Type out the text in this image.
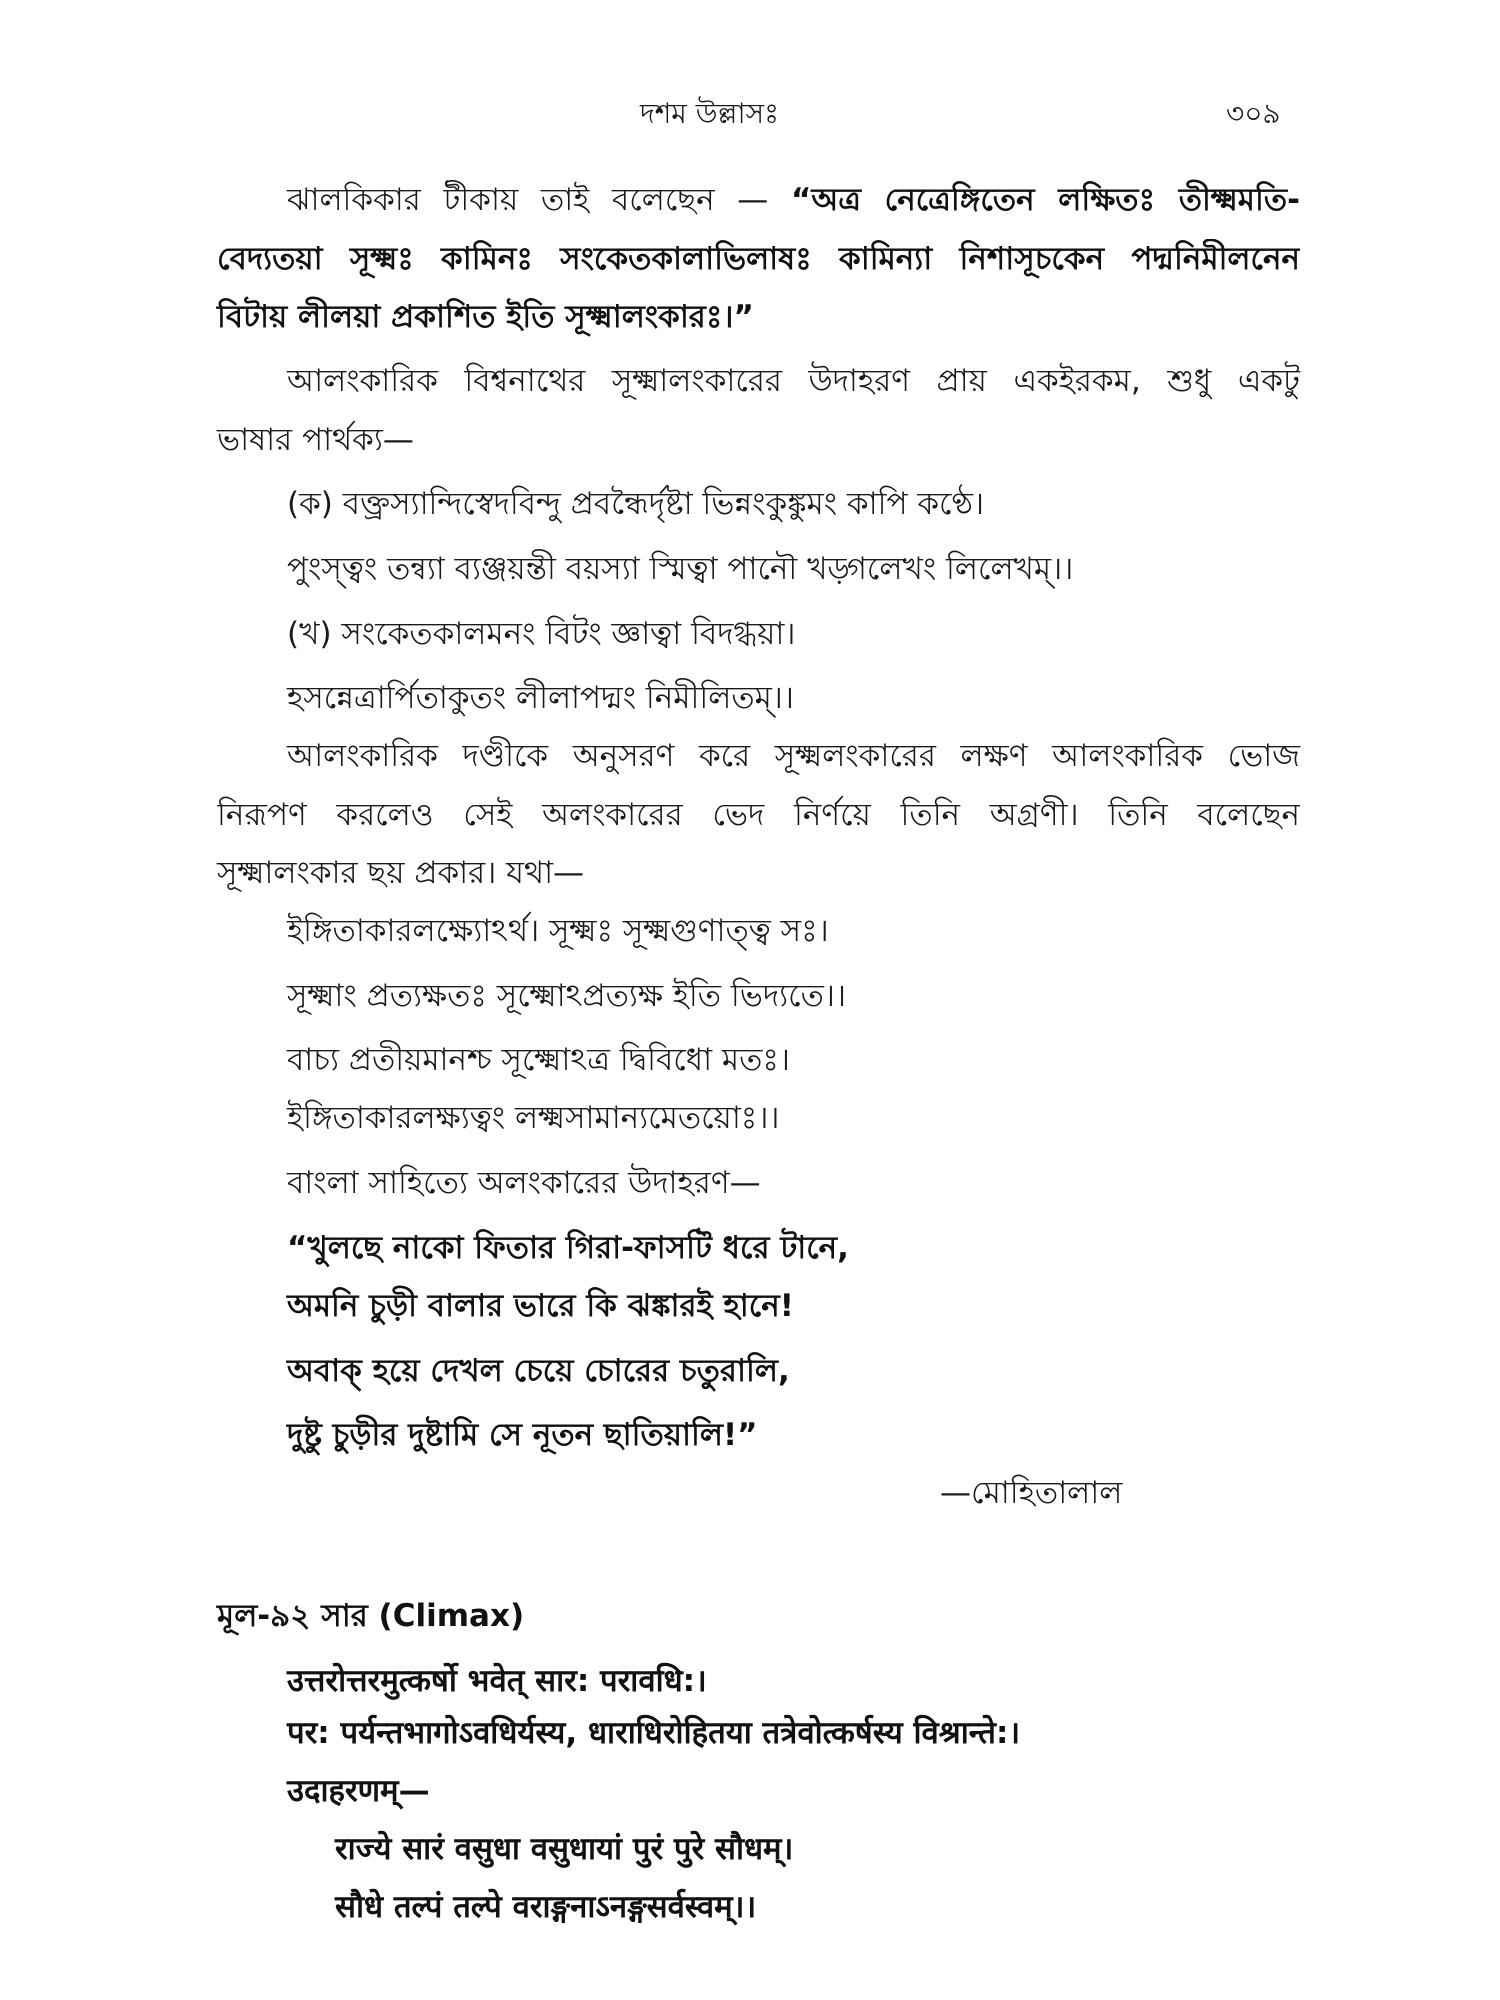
দশম উল্লাসঃ	৩০৯
ঝালকিকার টীকায় তাই বলেছেন — “অত্র নেত্রেঙ্গিতেন লক্ষিতঃ তীক্ষ্মমতি-
বেদ্যতয়া সূক্ষ্মঃ কামিনঃ সংকেতকালাভিলাষঃ কামিন্যা নিশাসূচকেন পদ্মনিমীলনেন
বিটায় লীলয়া প্রকাশিত ইতি সূক্ষ্মালংকারঃ।”
আলংকারিক বিশ্বনাথের সূক্ষ্মালংকারের উদাহরণ প্রায় একইরকম, শুধু একটু
ভাষার পার্থক্য—
(ক) বক্ত্রস্যান্দিস্বেদবিন্দু প্রবন্ধৈর্দৃষ্টা ভিন্নংকুঙ্কুমং কাপি কণ্ঠে।
পুংস্ত্বং তন্ব্যা ব্যঞ্জয়ন্তী বয়স্যা স্মিত্বা পানৌ খড়্গলেখং লিলেখম্।।
(খ) সংকেতকালমনং বিটং জ্ঞাত্বা বিদগ্ধয়া।
হসন্নেত্রার্পিতাকুতং লীলাপদ্মং নিমীলিতম্।।
আলংকারিক দণ্ডীকে অনুসরণ করে সূক্ষ্মলংকারের লক্ষণ আলংকারিক ভোজ
নিরূপণ করলেও সেই অলংকারের ভেদ নির্ণয়ে তিনি অগ্রণী। তিনি বলেছেন
সূক্ষ্মালংকার ছয় প্রকার। যথা—
ইঙ্গিতাকারলক্ষ্যোঽর্থ। সূক্ষ্মঃ সূক্ষ্মগুণাত্ত্ব সঃ।
সূক্ষ্মাং প্রত্যক্ষতঃ সূক্ষ্মোঽপ্রত্যক্ষ ইতি ভিদ্যতে।।
বাচ্য প্রতীয়মানশ্চ সূক্ষ্মোঽত্র দ্বিবিধো মতঃ।
ইঙ্গিতাকারলক্ষ্যত্বং লক্ষ্মসামান্যমেতয়োঃ।।
বাংলা সাহিত্যে অলংকারের উদাহরণ—
“খুলছে নাকো ফিতার গিরা-ফাসটি ধরে টানে,
অমনি চুড়ী বালার ভারে কি ঝঙ্কারই হানে!
অবাক্ হয়ে দেখল চেয়ে চোরের চতুরালি,
দুষ্টু চুড়ীর দুষ্টামি সে নূতন ছাতিয়ালি!”
—মোহিতালাল
মূল-৯২ সার (Climax)
उत्तरोत्तरमुत्कर्षो भवेत् सार: परावधि:।
पर: पर्यन्तभागोऽवधिर्यस्य, धाराधिरोहितया तत्रेवोत्कर्षस्य विश्रान्ते:।
उदाहरणम्—
राज्ये सारं वसुधा वसुधायां पुरं पुरे सौधम्।
सौधे तल्पं तल्पे वराङ्गनाऽनङ्गसर्वस्वम्।।
